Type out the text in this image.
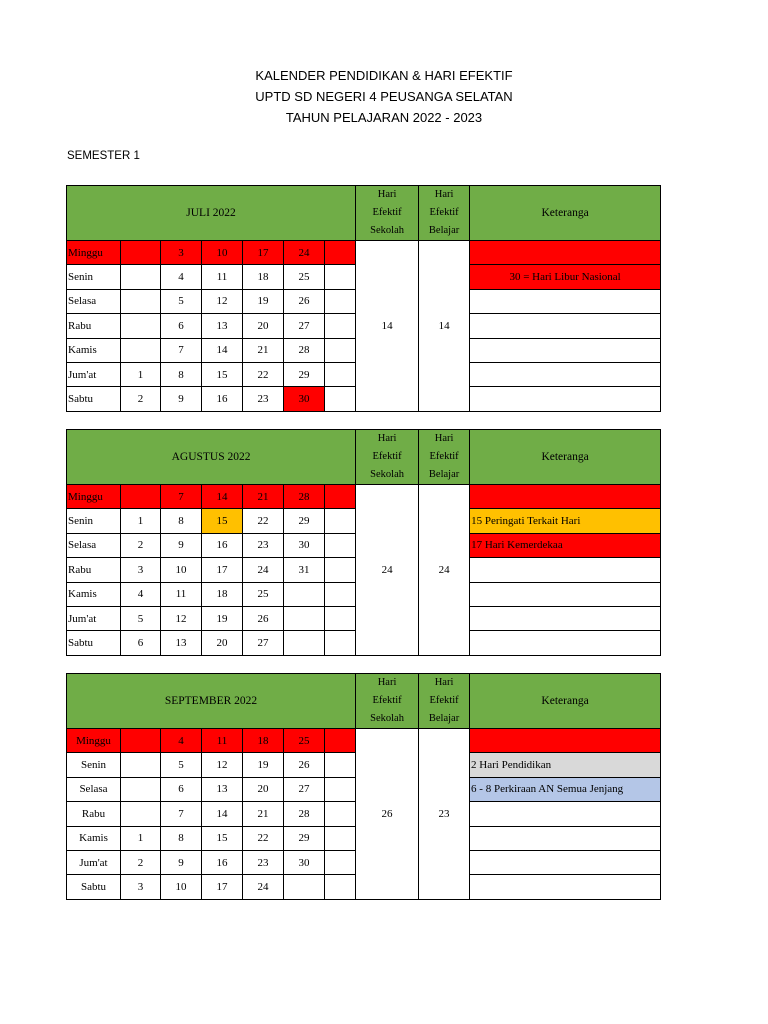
KALENDER PENDIDIKAN & HARI EFEKTIF
UPTD SD NEGERI 4 PEUSANGA SELATAN
TAHUN PELAJARAN 2022 - 2023
SEMESTER 1
JULI 2022							Hari
Efektif
Sekolah	Hari
Efektif
Belajar	Keteranga
Minggu		3	10	17	24		14	14	
Senin		4	11	18	25				30 = Hari Libur Nasional
Selasa		5	12	19	26				
Rabu		6	13	20	27				
Kamis		7	14	21	28				
Jum'at	1	8	15	22	29				
Sabtu	2	9	16	23	30				
AGUSTUS 2022							Hari
Efektif
Sekolah	Hari
Efektif
Belajar	Keteranga
Minggu		7	14	21	28		24	24	
Senin	1	8	15	22	29				15 Peringati Terkait Hari
Selasa	2	9	16	23	30				17 Hari Kemerdekaa
Rabu	3	10	17	24	31				
Kamis	4	11	18	25					
Jum'at	5	12	19	26					
Sabtu	6	13	20	27					
SEPTEMBER 2022							Hari
Efektif
Sekolah	Hari
Efektif
Belajar	Keteranga
Minggu		4	11	18	25		26	23	
Senin		5	12	19	26				2 Hari Pendidikan
Selasa		6	13	20	27				6 - 8 Perkiraan AN Semua Jenjang
Rabu		7	14	21	28				
Kamis	1	8	15	22	29				
Jum'at	2	9	16	23	30				
Sabtu	3	10	17	24					
